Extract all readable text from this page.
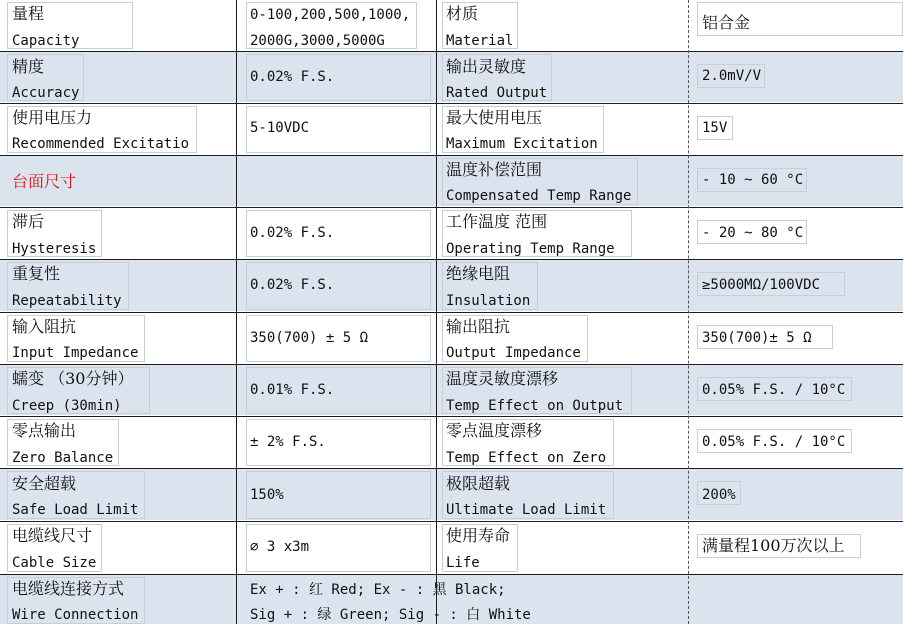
量程
Capacity
0-100,200,500,1000,
2000G,3000,5000G
材质
Material
铝合金
精度
Accuracy
0.02% F.S.
输出灵敏度
Rated Output
2.0mV/V
使用电压力
Recommended Excitatio
5-10VDC
最大使用电压
Maximum Excitation
15V
台面尺寸
温度补偿范围
Compensated Temp Range
- 10 ~ 60 °C
滞后
Hysteresis
0.02% F.S.
工作温度 范围
Operating Temp Range
- 20 ~ 80 °C
重复性
Repeatability
0.02% F.S.
绝缘电阻
Insulation
≥5000MΩ/100VDC
输入阻抗
Input Impedance
350(700) ± 5 Ω
输出阻抗
Output Impedance
350(700)± 5 Ω
蠕变 （30分钟）
Creep (30min)
0.01% F.S.
温度灵敏度漂移
Temp Effect on Output
0.05% F.S. / 10°C
零点输出
Zero Balance
± 2% F.S.
零点温度漂移
Temp Effect on Zero
0.05% F.S. / 10°C
安全超载
Safe Load Limit
150%
极限超载
Ultimate Load Limit
200%
电缆线尺寸
Cable Size
⌀ 3 x3m
使用寿命
Life
满量程100万次以上
电缆线连接方式
Wire Connection
Ex + : 红 Red; Ex - : 黑 Black;
Sig + : 绿 Green; Sig - : 白 White
